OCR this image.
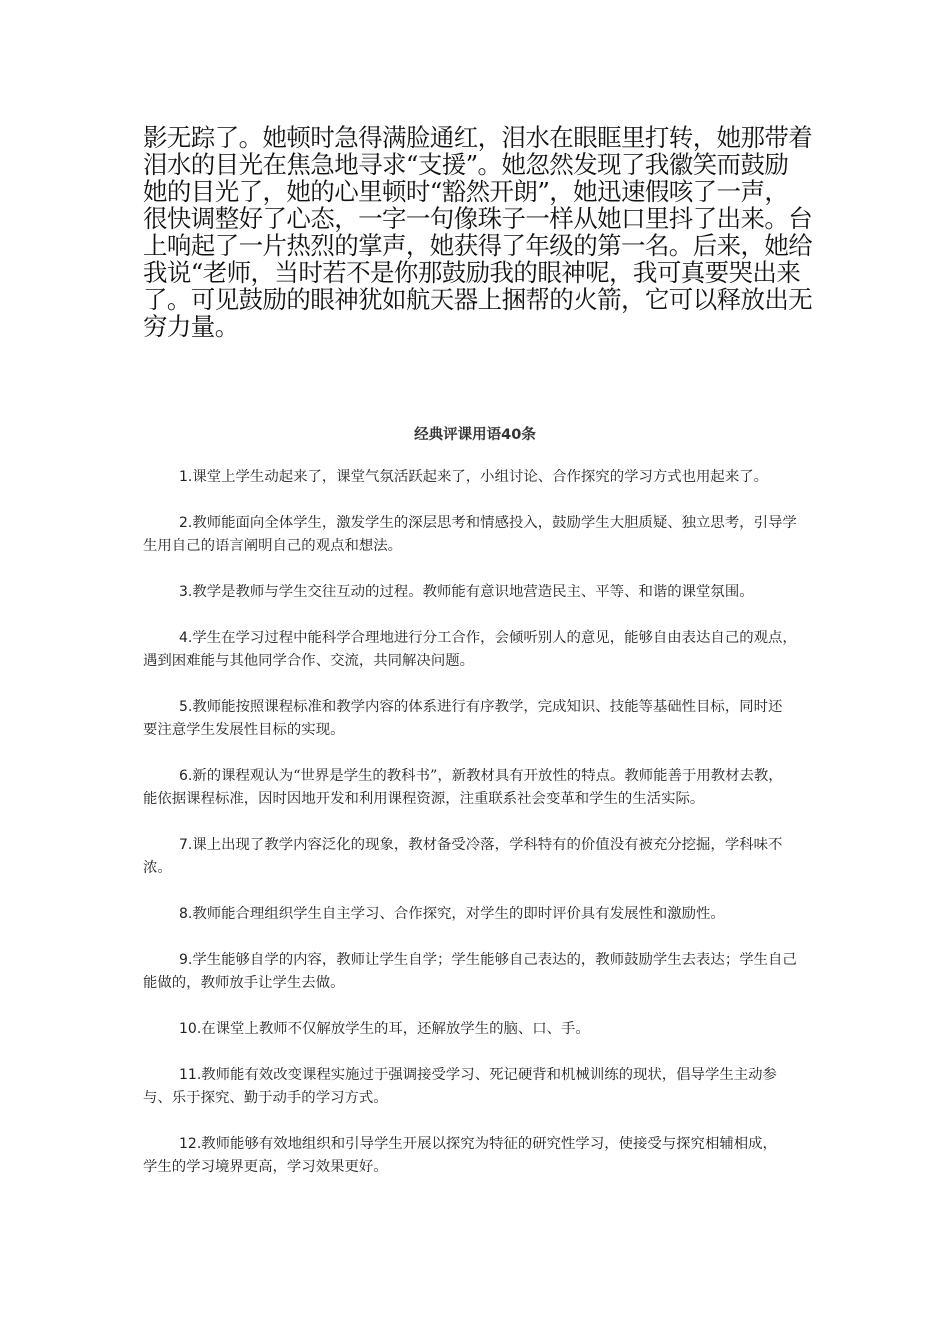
影无踪了。她顿时急得满脸通红，泪水在眼眶里打转，她那带着
泪水的目光在焦急地寻求“支援”。她忽然发现了我徽笑而鼓励
她的目光了，她的心里顿时“豁然开朗”，她迅速假咳了一声，
很快调整好了心态，一字一句像珠子一样从她口里抖了出来。台
上响起了一片热烈的掌声，她获得了年级的第一名。后来，她给
我说“老师，当时若不是你那鼓励我的眼神呢，我可真要哭出来
了。可见鼓励的眼神犹如航天器上捆帮的火箭，它可以释放出无
穷力量。
经典评课用语40条
1.课堂上学生动起来了，课堂气氛活跃起来了，小组讨论、合作探究的学习方式也用起来了。
2.教师能面向全体学生，激发学生的深层思考和情感投入，鼓励学生大胆质疑、独立思考，引导学
生用自己的语言阐明自己的观点和想法。
3.教学是教师与学生交往互动的过程。教师能有意识地营造民主、平等、和谐的课堂氛围。
4.学生在学习过程中能科学合理地进行分工合作，会倾听别人的意见，能够自由表达自己的观点，
遇到困难能与其他同学合作、交流，共同解决问题。
5.教师能按照课程标准和教学内容的体系进行有序教学，完成知识、技能等基础性目标，同时还
要注意学生发展性目标的实现。
6.新的课程观认为“世界是学生的教科书”，新教材具有开放性的特点。教师能善于用教材去教，
能依据课程标准，因时因地开发和利用课程资源，注重联系社会变革和学生的生活实际。
7.课上出现了教学内容泛化的现象，教材备受冷落，学科特有的价值没有被充分挖掘，学科味不
浓。
8.教师能合理组织学生自主学习、合作探究，对学生的即时评价具有发展性和激励性。
9.学生能够自学的内容，教师让学生自学；学生能够自己表达的，教师鼓励学生去表达；学生自己
能做的，教师放手让学生去做。
10.在课堂上教师不仅解放学生的耳，还解放学生的脑、口、手。
11.教师能有效改变课程实施过于强调接受学习、死记硬背和机械训练的现状，倡导学生主动参
与、乐于探究、勤于动手的学习方式。
12.教师能够有效地组织和引导学生开展以探究为特征的研究性学习，使接受与探究相辅相成，
学生的学习境界更高，学习效果更好。
